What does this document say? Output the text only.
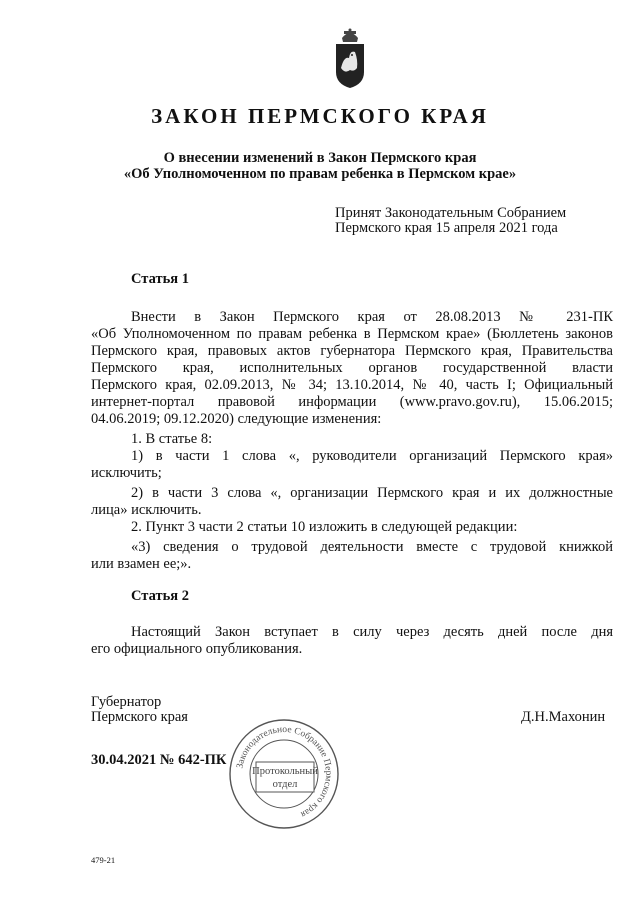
ЗАКОН ПЕРМСКОГО КРАЯ
О внесении изменений в Закон Пермского края
«Об Уполномоченном по правам ребенка в Пермском крае»
Принят Законодательным Собранием
Пермского края 15 апреля 2021 года
Статья 1
Внести в Закон Пермского края от 28.08.2013 № 231-ПК
«Об Уполномоченном по правам ребенка в Пермском крае» (Бюллетень законов
Пермского края, правовых актов губернатора Пермского края, Правительства
Пермского края, исполнительных органов государственной власти
Пермского края, 02.09.2013, № 34; 13.10.2014, № 40, часть I; Официальный
интернет-портал правовой информации (www.pravo.gov.ru), 15.06.2015;
04.06.2019; 09.12.2020) следующие изменения:
1. В статье 8:
1) в части 1 слова «, руководители организаций Пермского края»
исключить;
2) в части 3 слова «, организации Пермского края и их должностные
лица» исключить.
2. Пункт 3 части 2 статьи 10 изложить в следующей редакции:
«3) сведения о трудовой деятельности вместе с трудовой книжкой
или взамен ее;».
Статья 2
Настоящий Закон вступает в силу через десять дней после дня
его официального опубликования.
Губернатор
Пермского края	Д.Н.Махонин
30.04.2021 № 642-ПК Законодательное Собрание Пермского края
Протокольный
отдел
479-21
